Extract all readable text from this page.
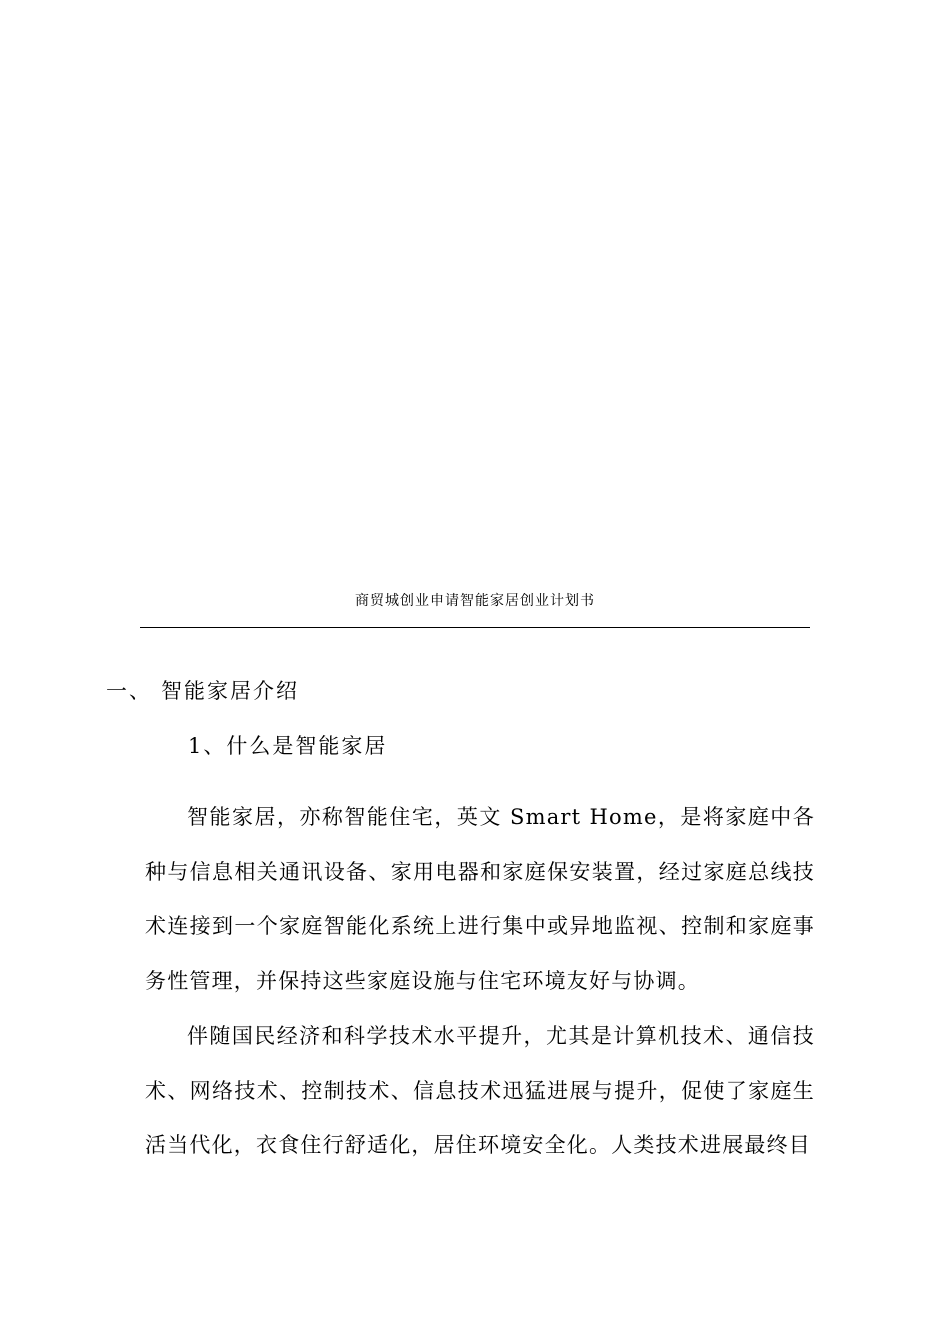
商贸城创业申请智能家居创业计划书
一、 智能家居介绍
1、什么是智能家居

智能家居，亦称智能住宅，英文 Smart Home，是将家庭中各种与信息相关通讯设备、家用电器和家庭保安装置，经过家庭总线技术连接到一个家庭智能化系统上进行集中或异地监视、控制和家庭事务性管理，并保持这些家庭设施与住宅环境友好与协调。

伴随国民经济和科学技术水平提升，尤其是计算机技术、通信技术、网络技术、控制技术、信息技术迅猛进展与提升，促使了家庭生活当代化，衣食住行舒适化，居住环境安全化。人类技术进展最终目
